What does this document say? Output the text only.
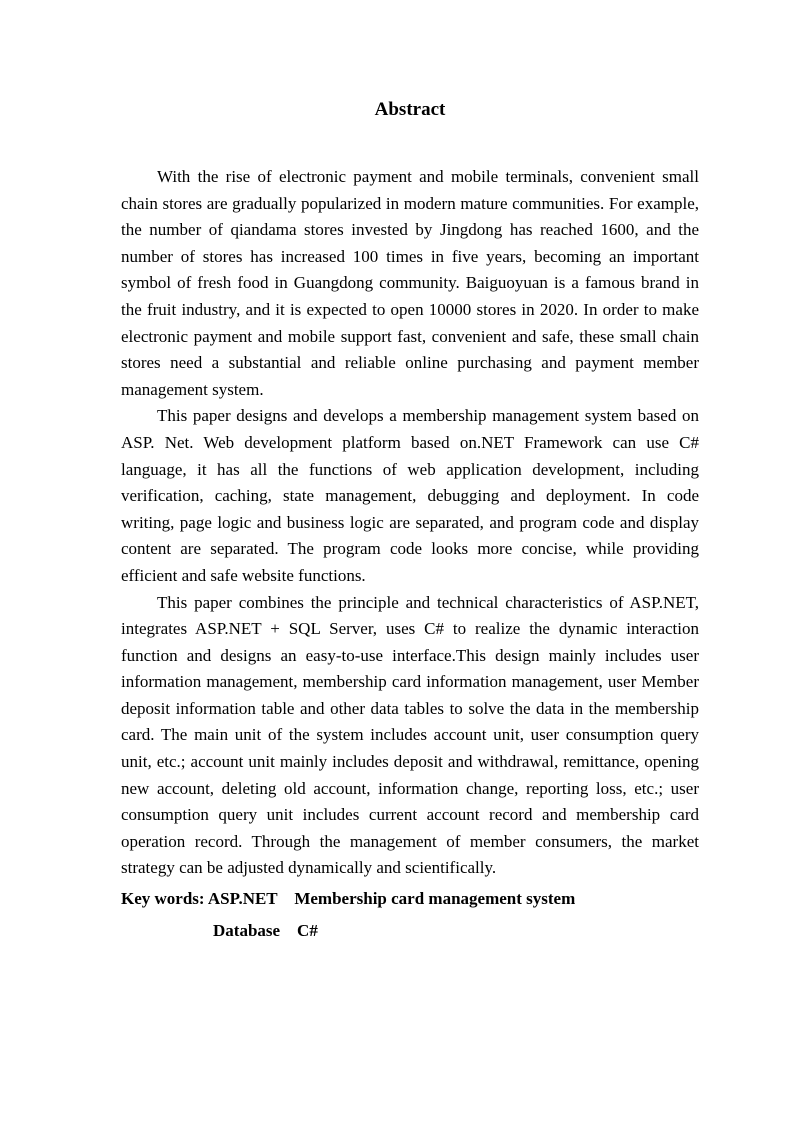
Abstract

With the rise of electronic payment and mobile terminals, convenient small chain stores are gradually popularized in modern mature communities. For example, the number of qiandama stores invested by Jingdong has reached 1600, and the number of stores has increased 100 times in five years, becoming an important symbol of fresh food in Guangdong community. Baiguoyuan is a famous brand in the fruit industry, and it is expected to open 10000 stores in 2020. In order to make electronic payment and mobile support fast, convenient and safe, these small chain stores need a substantial and reliable online purchasing and payment member management system.

This paper designs and develops a membership management system based on ASP. Net. Web development platform based on.NET Framework can use C# language, it has all the functions of web application development, including verification, caching, state management, debugging and deployment. In code writing, page logic and business logic are separated, and program code and display content are separated. The program code looks more concise, while providing efficient and safe website functions.

This paper combines the principle and technical characteristics of ASP.NET, integrates ASP.NET + SQL Server, uses C# to realize the dynamic interaction function and designs an easy-to-use interface.This design mainly includes user information management, membership card information management, user Member deposit information table and other data tables to solve the data in the membership card. The main unit of the system includes account unit, user consumption query unit, etc.; account unit mainly includes deposit and withdrawal, remittance, opening new account, deleting old account, information change, reporting loss, etc.; user consumption query unit includes current account record and membership card operation record. Through the management of member consumers, the market strategy can be adjusted dynamically and scientifically.

Key words: ASP.NET    Membership card management system
Database    C#
